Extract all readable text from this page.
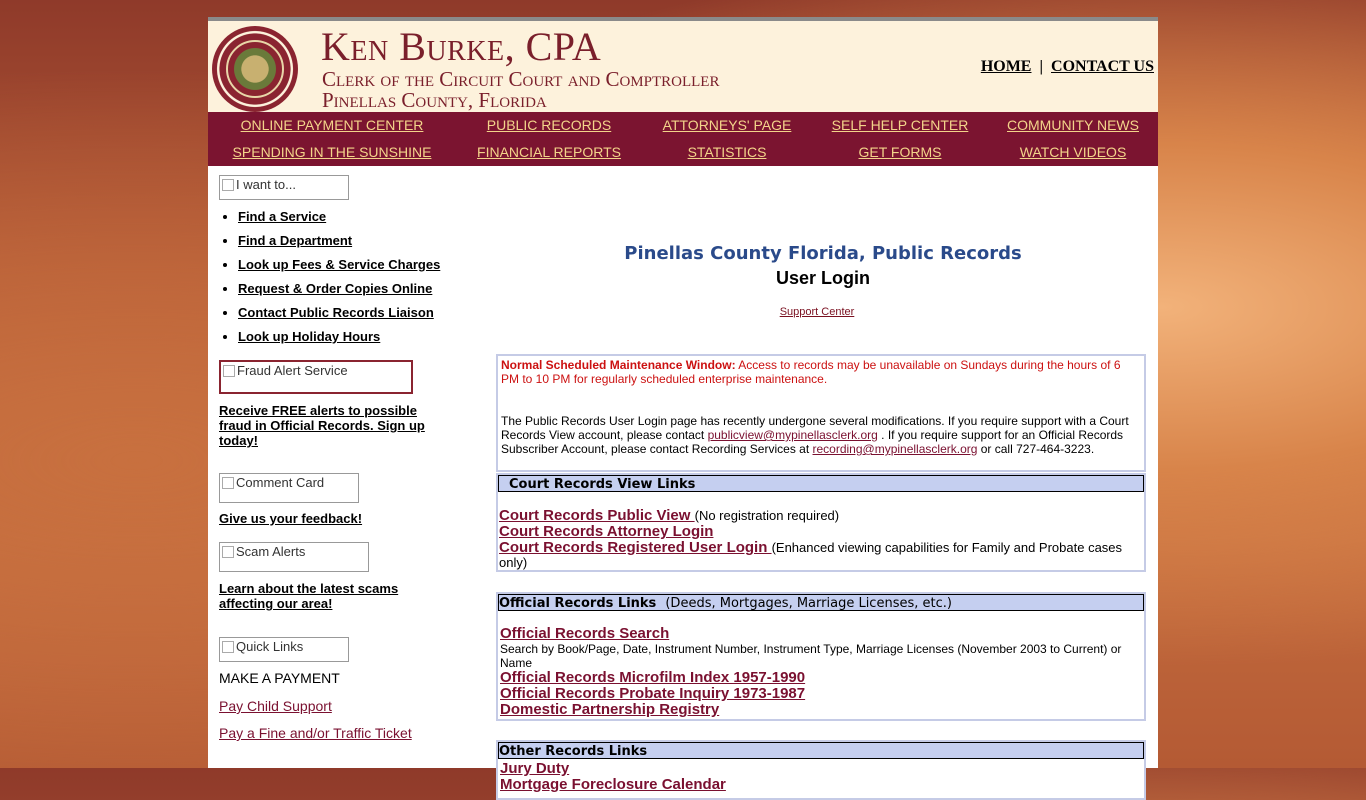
Ken Burke, CPA
Clerk of the Circuit Court and Comptroller
Pinellas County, Florida
HOME | CONTACT US
ONLINE PAYMENT CENTER	PUBLIC RECORDS	ATTORNEYS' PAGE	SELF HELP CENTER	COMMUNITY NEWS
SPENDING IN THE SUNSHINE	FINANCIAL REPORTS	STATISTICS	GET FORMS	WATCH VIDEOS
I want to...
• Find a Service
• Find a Department
• Look up Fees & Service Charges
• Request & Order Copies Online
• Contact Public Records Liaison
• Look up Holiday Hours
Fraud Alert Service
Receive FREE alerts to possible fraud in Official Records. Sign up today!
Comment Card
Give us your feedback!
Scam Alerts
Learn about the latest scams affecting our area!
Quick Links
MAKE A PAYMENT
Pay Child Support
Pay a Fine and/or Traffic Ticket
Pinellas County Florida, Public Records
User Login
Support Center
Normal Scheduled Maintenance Window: Access to records may be unavailable on Sundays during the hours of 6 PM to 10 PM for regularly scheduled enterprise maintenance.
The Public Records User Login page has recently undergone several modifications. If you require support with a Court Records View account, please contact publicview@mypinellasclerk.org . If you require support for an Official Records Subscriber Account, please contact Recording Services at recording@mypinellasclerk.org or call 727-464-3223.
Court Records View Links
Court Records Public View (No registration required)
Court Records Attorney Login
Court Records Registered User Login (Enhanced viewing capabilities for Family and Probate cases only)
Official Records Links (Deeds, Mortgages, Marriage Licenses, etc.)
Official Records Search
Search by Book/Page, Date, Instrument Number, Instrument Type, Marriage Licenses (November 2003 to Current) or Name
Official Records Microfilm Index 1957-1990
Official Records Probate Inquiry 1973-1987
Domestic Partnership Registry
Other Records Links
Jury Duty
Mortgage Foreclosure Calendar
